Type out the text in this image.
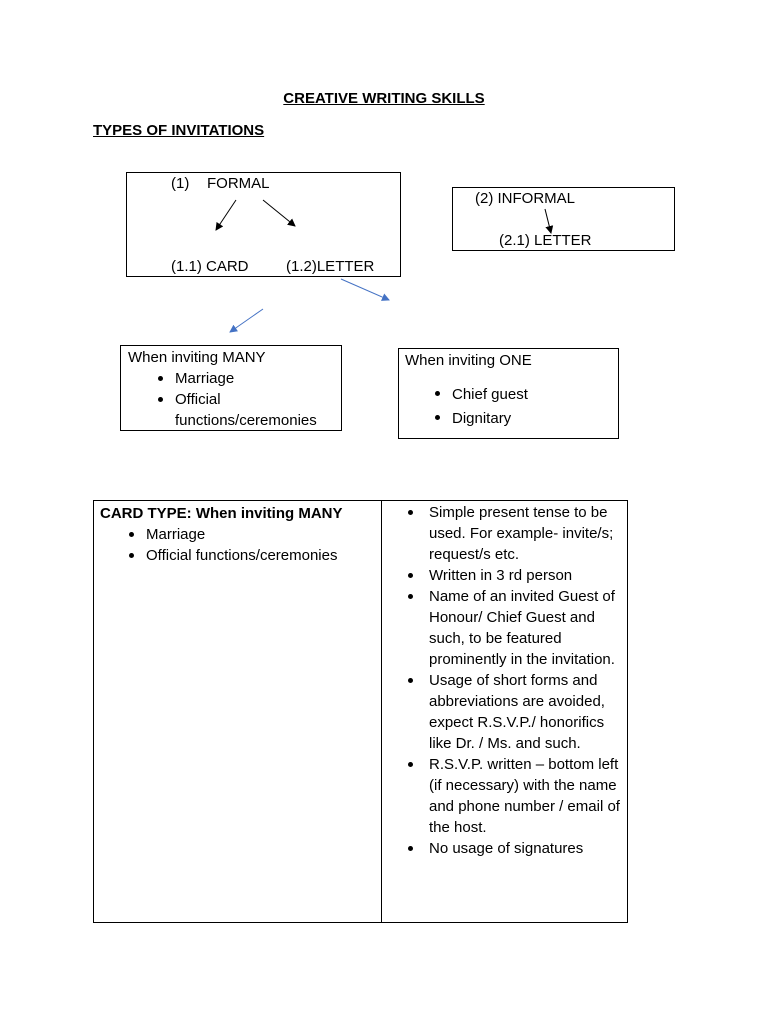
CREATIVE WRITING SKILLS
TYPES OF INVITATIONS
(1) FORMAL
(1.1) CARD (1.2)LETTER
(2) INFORMAL
(2.1) LETTER
When inviting MANY
Marriage
Official
functions/ceremonies
When inviting ONE
Chief guest
Dignitary
CARD TYPE: When inviting MANY
Marriage
Official functions/ceremonies
Simple present tense to be used. For example- invite/s; request/s etc.
Written in 3 rd person
Name of an invited Guest of Honour/ Chief Guest and such, to be featured prominently in the invitation.
Usage of short forms and abbreviations are avoided, expect R.S.V.P./ honorifics like Dr. / Ms. and such.
R.S.V.P. written – bottom left (if necessary) with the name and phone number / email of the host.
No usage of signatures
